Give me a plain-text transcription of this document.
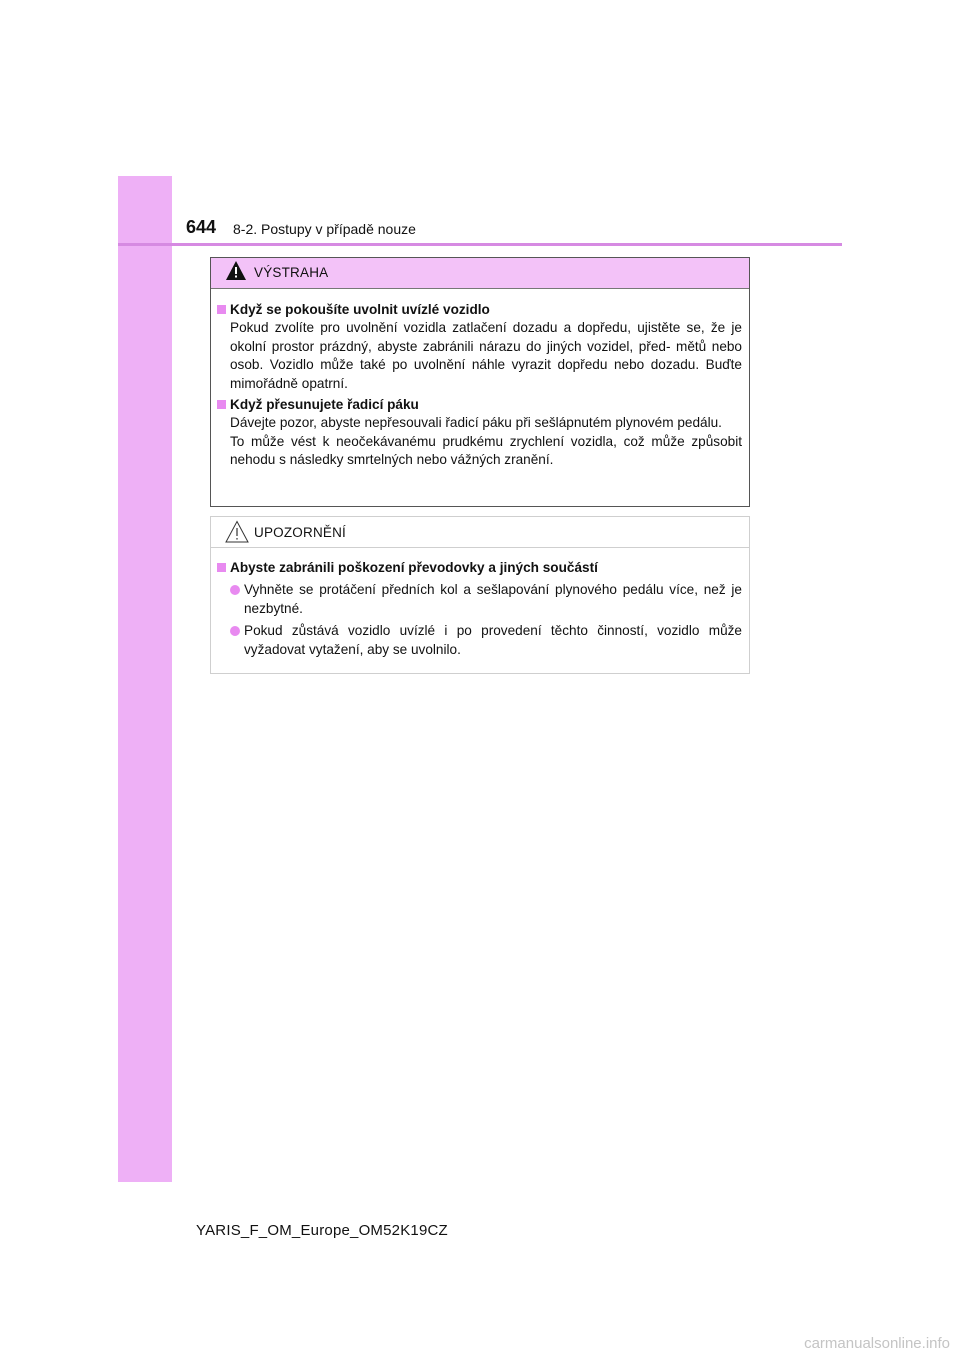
644 8-2. Postupy v případě nouze
VÝSTRAHA
Když se pokoušíte uvolnit uvízlé vozidlo

Pokud zvolíte pro uvolnění vozidla zatlačení dozadu a dopředu, ujistěte se, že je okolní prostor prázdný, abyste zabránili nárazu do jiných vozidel, před- mětů nebo osob. Vozidlo může také po uvolnění náhle vyrazit dopředu nebo dozadu. Buďte mimořádně opatrní.

Když přesunujete řadicí páku

Dávejte pozor, abyste nepřesouvali řadicí páku při sešlápnutém plynovém pedálu.

To může vést k neočekávanému prudkému zrychlení vozidla, což může způsobit nehodu s následky smrtelných nebo vážných zranění.

UPOZORNĚNÍ
Abyste zabránili poškození převodovky a jiných součástí
Vyhněte se protáčení předních kol a sešlapování plynového pedálu více, než je nezbytné.
Pokud zůstává vozidlo uvízlé i po provedení těchto činností, vozidlo může vyžadovat vytažení, aby se uvolnilo.
YARIS_F_OM_Europe_OM52K19CZ
carmanualsonline.info
